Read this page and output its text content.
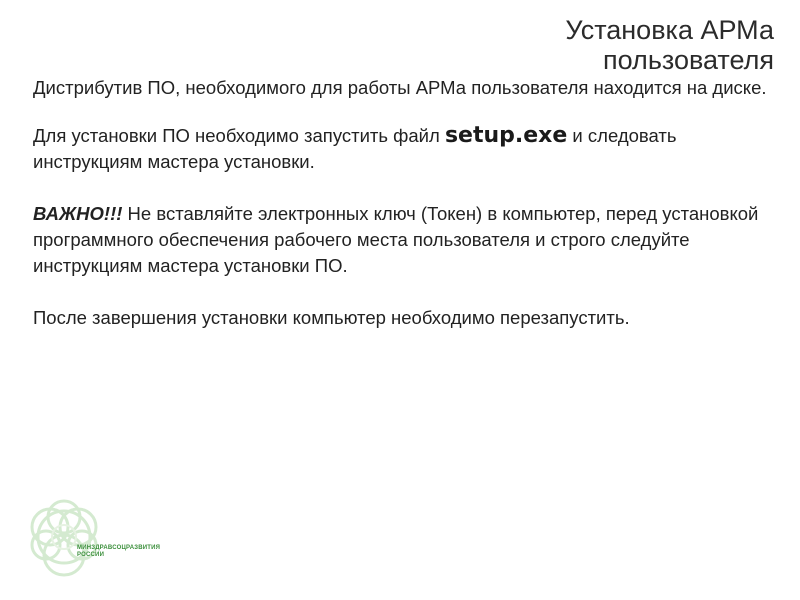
Установка АРМа пользователя

Дистрибутив ПО, необходимого для работы АРМа пользователя находится на диске.

Для установки ПО необходимо запустить файл setup.exe и следовать инструкциям мастера установки.

ВАЖНО!!! Не вставляйте электронных ключ (Токен) в компьютер, перед установкой программного обеспечения рабочего места пользователя и строго следуйте инструкциям мастера установки ПО.

После завершения установки компьютер необходимо перезапустить.

МИНЗДРАВСОЦРАЗВИТИЯ
РОССИИ
